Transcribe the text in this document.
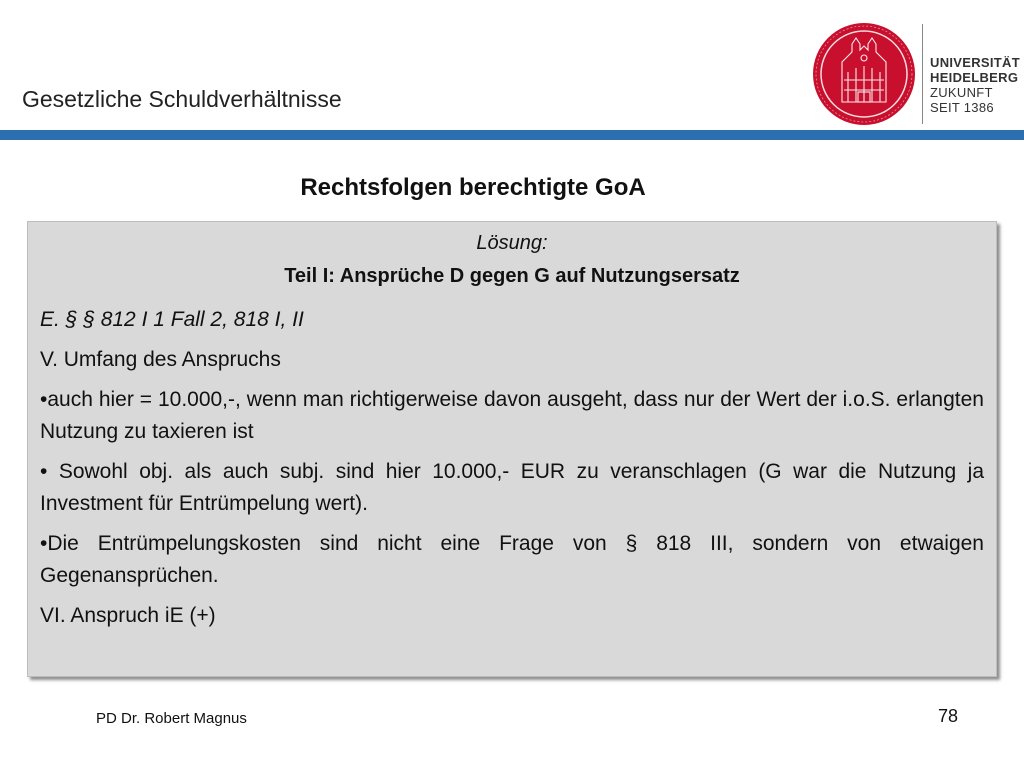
Gesetzliche Schuldverhältnisse
UNIVERSITÄT
HEIDELBERG
ZUKUNFT
SEIT 1386
Rechtsfolgen berechtigte GoA
Lösung:
Teil I: Ansprüche D gegen G auf Nutzungsersatz
E. § § 812 I 1 Fall 2, 818 I, II
V. Umfang des Anspruchs
•auch hier = 10.000,-, wenn man richtigerweise davon ausgeht, dass nur der Wert der i.o.S. erlangten Nutzung zu taxieren ist
• Sowohl obj. als auch subj. sind hier 10.000,- EUR zu veranschlagen (G war die Nutzung ja Investment für Entrümpelung wert).
•Die Entrümpelungskosten sind nicht eine Frage von § 818 III, sondern von etwaigen Gegenansprüchen.
VI. Anspruch iE (+)
PD Dr. Robert Magnus	78
